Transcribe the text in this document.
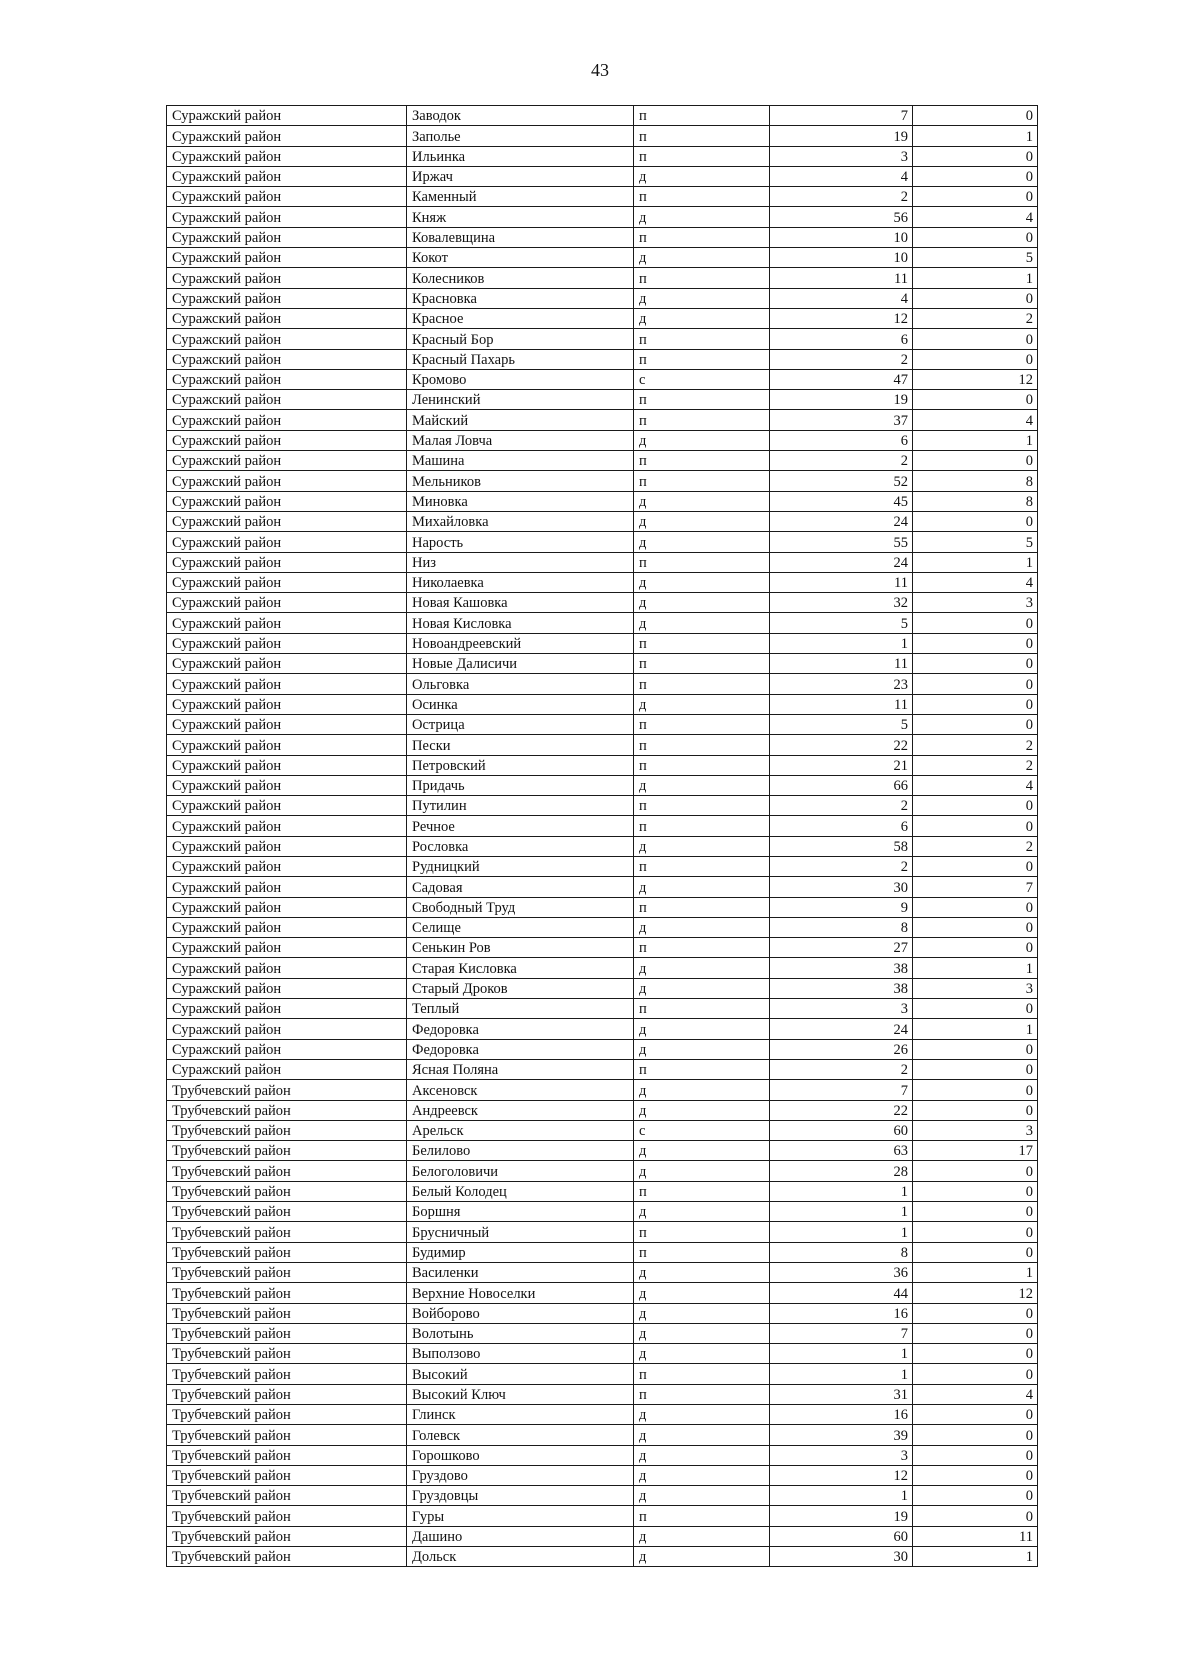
43
Суражский район	Заводок	п	7	0
Суражский район	Заполье	п	19	1
Суражский район	Ильинка	п	3	0
Суражский район	Иржач	д	4	0
Суражский район	Каменный	п	2	0
Суражский район	Княж	д	56	4
Суражский район	Ковалевщина	п	10	0
Суражский район	Кокот	д	10	5
Суражский район	Колесников	п	11	1
Суражский район	Красновка	д	4	0
Суражский район	Красное	д	12	2
Суражский район	Красный Бор	п	6	0
Суражский район	Красный Пахарь	п	2	0
Суражский район	Кромово	с	47	12
Суражский район	Ленинский	п	19	0
Суражский район	Майский	п	37	4
Суражский район	Малая Ловча	д	6	1
Суражский район	Машина	п	2	0
Суражский район	Мельников	п	52	8
Суражский район	Миновка	д	45	8
Суражский район	Михайловка	д	24	0
Суражский район	Нарость	д	55	5
Суражский район	Низ	п	24	1
Суражский район	Николаевка	д	11	4
Суражский район	Новая Кашовка	д	32	3
Суражский район	Новая Кисловка	д	5	0
Суражский район	Новоандреевский	п	1	0
Суражский район	Новые Далисичи	п	11	0
Суражский район	Ольговка	п	23	0
Суражский район	Осинка	д	11	0
Суражский район	Острица	п	5	0
Суражский район	Пески	п	22	2
Суражский район	Петровский	п	21	2
Суражский район	Придачь	д	66	4
Суражский район	Путилин	п	2	0
Суражский район	Речное	п	6	0
Суражский район	Рословка	д	58	2
Суражский район	Рудницкий	п	2	0
Суражский район	Садовая	д	30	7
Суражский район	Свободный Труд	п	9	0
Суражский район	Селище	д	8	0
Суражский район	Сенькин Ров	п	27	0
Суражский район	Старая Кисловка	д	38	1
Суражский район	Старый Дроков	д	38	3
Суражский район	Теплый	п	3	0
Суражский район	Федоровка	д	24	1
Суражский район	Федоровка	д	26	0
Суражский район	Ясная Поляна	п	2	0
Трубчевский район	Аксеновск	д	7	0
Трубчевский район	Андреевск	д	22	0
Трубчевский район	Арельск	с	60	3
Трубчевский район	Белилово	д	63	17
Трубчевский район	Белоголовичи	д	28	0
Трубчевский район	Белый Колодец	п	1	0
Трубчевский район	Боршня	д	1	0
Трубчевский район	Брусничный	п	1	0
Трубчевский район	Будимир	п	8	0
Трубчевский район	Василенки	д	36	1
Трубчевский район	Верхние Новоселки	д	44	12
Трубчевский район	Войборово	д	16	0
Трубчевский район	Волотынь	д	7	0
Трубчевский район	Выползово	д	1	0
Трубчевский район	Высокий	п	1	0
Трубчевский район	Высокий Ключ	п	31	4
Трубчевский район	Глинск	д	16	0
Трубчевский район	Голевск	д	39	0
Трубчевский район	Горошково	д	3	0
Трубчевский район	Груздово	д	12	0
Трубчевский район	Груздовцы	д	1	0
Трубчевский район	Гуры	п	19	0
Трубчевский район	Дашино	д	60	11
Трубчевский район	Дольск	д	30	1
